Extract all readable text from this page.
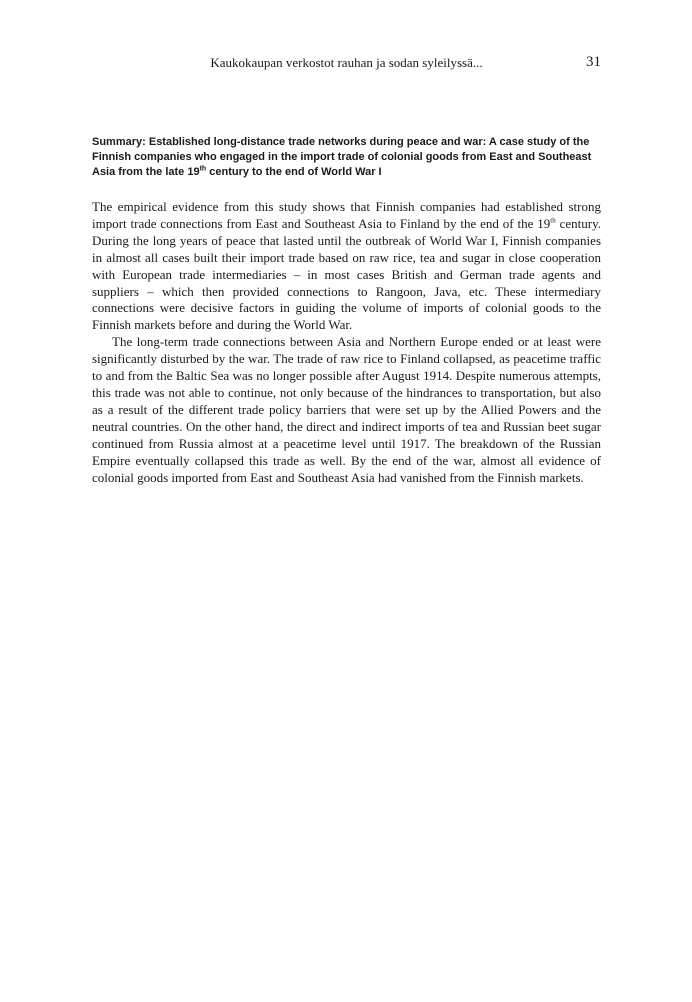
Kaukokaupan verkostot rauhan ja sodan syleilyssä...	31
Summary: Established long-distance trade networks during peace and war: A case study of the Finnish companies who engaged in the import trade of colonial goods from East and Southeast Asia from the late 19th century to the end of World War I

The empirical evidence from this study shows that Finnish companies had established strong import trade connections from East and Southeast Asia to Finland by the end of the 19th century. During the long years of peace that lasted until the outbreak of World War I, Finnish companies in almost all cases built their import trade based on raw rice, tea and sugar in close cooperation with European trade intermediaries – in most cases British and German trade agents and suppliers – which then provided connections to Rangoon, Java, etc. These intermediary connections were decisive factors in guiding the volume of imports of colonial goods to the Finnish markets before and during the World War.

The long-term trade connections between Asia and Northern Europe ended or at least were significantly disturbed by the war. The trade of raw rice to Finland collapsed, as peacetime traffic to and from the Baltic Sea was no longer possible after August 1914. Despite numerous attempts, this trade was not able to continue, not only because of the hindrances to transportation, but also as a result of the different trade policy barriers that were set up by the Allied Powers and the neutral countries. On the other hand, the direct and indirect imports of tea and Russian beet sugar continued from Russia almost at a peacetime level until 1917. The breakdown of the Russian Empire eventually collapsed this trade as well. By the end of the war, almost all evidence of colonial goods imported from East and Southeast Asia had vanished from the Finnish markets.
